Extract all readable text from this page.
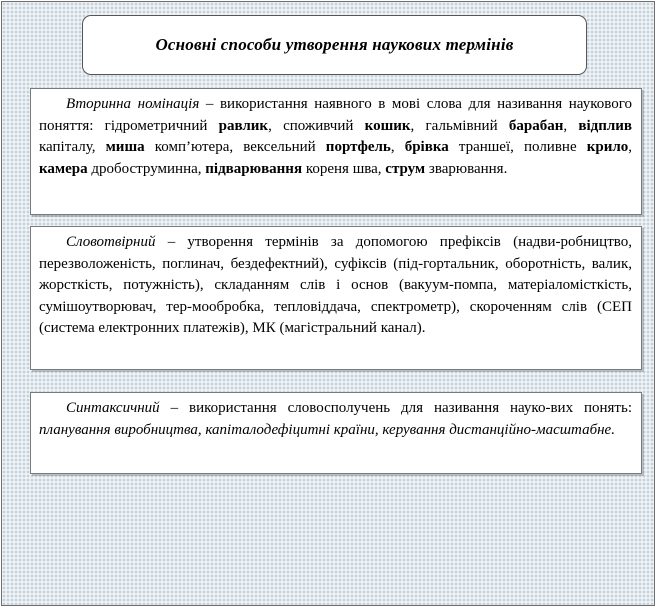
Основні способи утворення наукових термінів

Вторинна номінація – використання наявного в мові слова для називання наукового поняття: гідрометричний равлик, споживчий кошик, гальмівний барабан, відплив капіталу, миша комп’ютера, вексельний портфель, брівка траншеї, поливне крило, камера дробоструминна, підварювання кореня шва, струм зварювання.

Словотвірний – утворення термінів за допомогою префіксів (надви-робництво, перезволоженість, поглинач, бездефектний), суфіксів (під-гортальник, оборотність, валик, жорсткість, потужність), складанням слів і основ (вакуум-помпа, матеріаломісткість, сумішоутворювач, тер-мообробка, тепловіддача, спектрометр), скороченням слів (СЕП (система електронних платежів), МК (магістральний канал).

Синтаксичний – використання словосполучень для називання науко-вих понять: планування виробництва, капіталодефіцитні країни, керування дистанційно-масштабне.
